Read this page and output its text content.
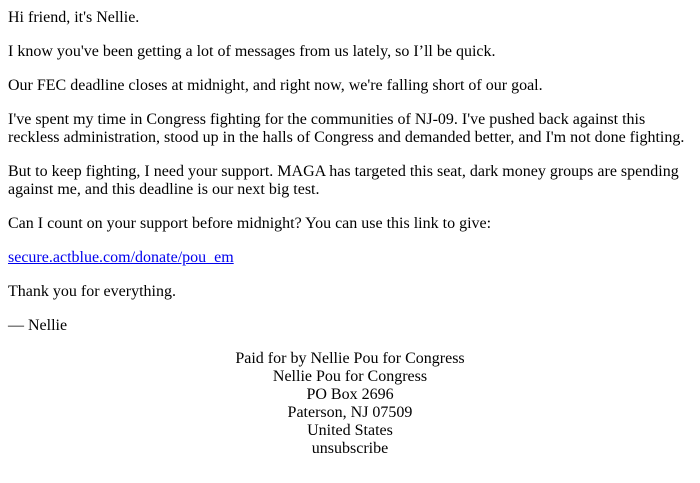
Hi friend, it's Nellie.

I know you've been getting a lot of messages from us lately, so I’ll be quick.

Our FEC deadline closes at midnight, and right now, we're falling short of our goal.

I've spent my time in Congress fighting for the communities of NJ-09. I've pushed back against this reckless administration, stood up in the halls of Congress and demanded better, and I'm not done fighting.

But to keep fighting, I need your support. MAGA has targeted this seat, dark money groups are spending against me, and this deadline is our next big test.

Can I count on your support before midnight? You can use this link to give:

secure.actblue.com/donate/pou_em

Thank you for everything.

— Nellie

Paid for by Nellie Pou for Congress
Nellie Pou for Congress
PO Box 2696
Paterson, NJ 07509
United States
unsubscribe
